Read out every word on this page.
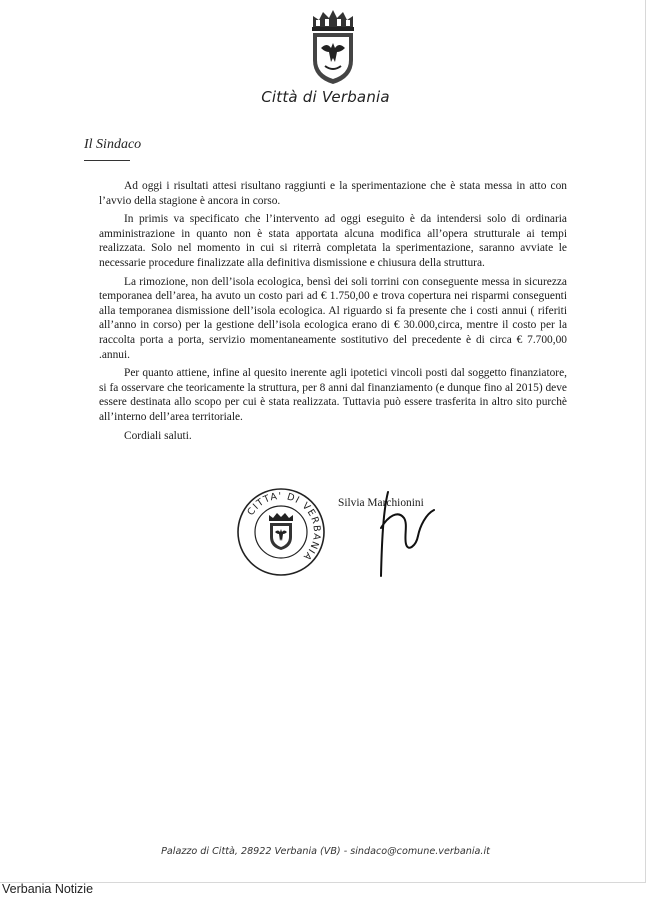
Città di Verbania
Il Sindaco

Ad oggi i risultati attesi risultano raggiunti e la sperimentazione che è stata messa in atto con l’avvio della stagione è ancora in corso.

In primis va specificato che l’intervento ad oggi eseguito è da intendersi solo di ordinaria amministrazione in quanto non è stata apportata alcuna modifica all’opera strutturale ai tempi realizzata. Solo nel momento in cui si riterrà completata la sperimentazione, saranno avviate le necessarie procedure finalizzate alla definitiva dismissione e chiusura della struttura.

La rimozione, non dell’isola ecologica, bensì dei soli torrini con conseguente messa in sicurezza temporanea dell’area, ha avuto un costo pari ad € 1.750,00 e trova copertura nei risparmi conseguenti alla temporanea dismissione dell’isola ecologica. Al riguardo si fa presente che i costi annui ( riferiti all’anno in corso) per la gestione dell’isola ecologica erano di € 30.000,circa, mentre il costo per la raccolta porta a porta, servizio momentaneamente sostitutivo del precedente è di circa € 7.700,00 .annui.

Per quanto attiene, infine al quesito inerente agli ipotetici vincoli posti dal soggetto finanziatore, si fa osservare che teoricamente la struttura, per 8 anni dal finanziamento (e dunque fino al 2015) deve essere destinata allo scopo per cui è stata realizzata. Tuttavia può essere trasferita in altro sito purchè all’interno dell’area territoriale.

Cordiali saluti.

CITTA' DI VERBANIA
Silvia Marchionini
Palazzo di Città, 28922 Verbania (VB) - sindaco@comune.verbania.it
Verbania Notizie
